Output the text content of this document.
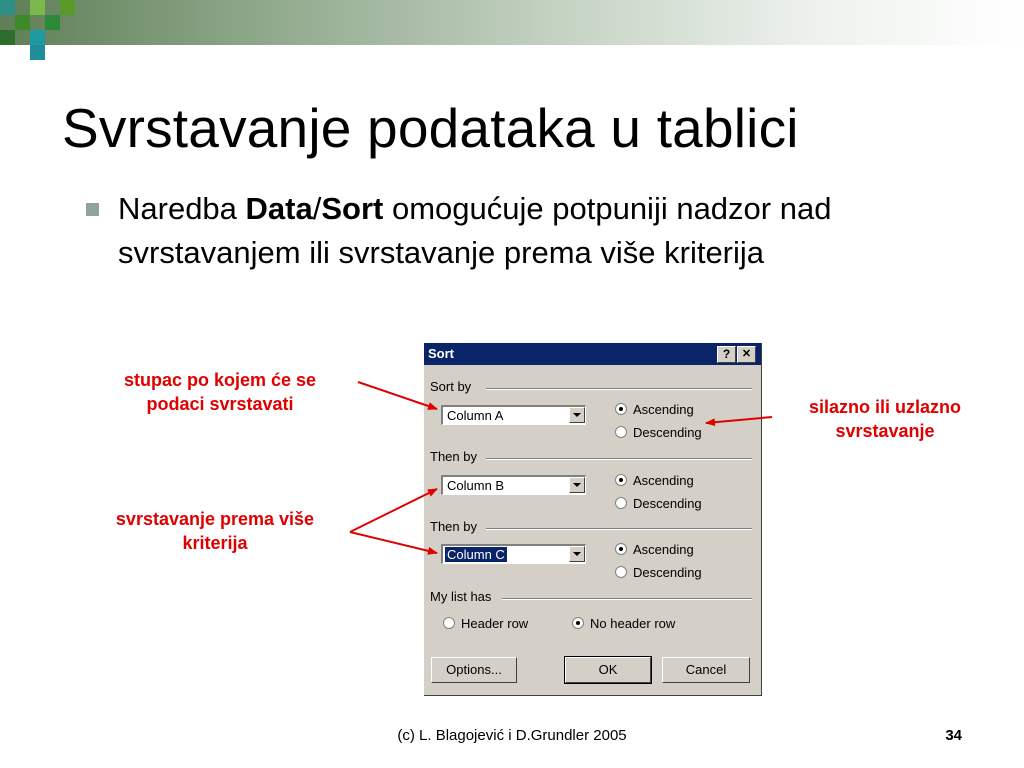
Svrstavanje podataka u tablici
Naredba Data/Sort omogućuje potpuniji nadzor nad svrstavanjem ili svrstavanje prema više kriterija
stupac po kojem će se podaci svrstavati
svrstavanje prema više kriterija
silazno ili uzlazno svrstavanje
Sort	?	✕
Sort by
Column A	Ascending
Descending
Then by
Column B	Ascending
Descending
Then by
Column C	Ascending
Descending
My list has
Header row	No header row
Options...	OK	Cancel
(c) L. Blagojević i D.Grundler 2005	34
